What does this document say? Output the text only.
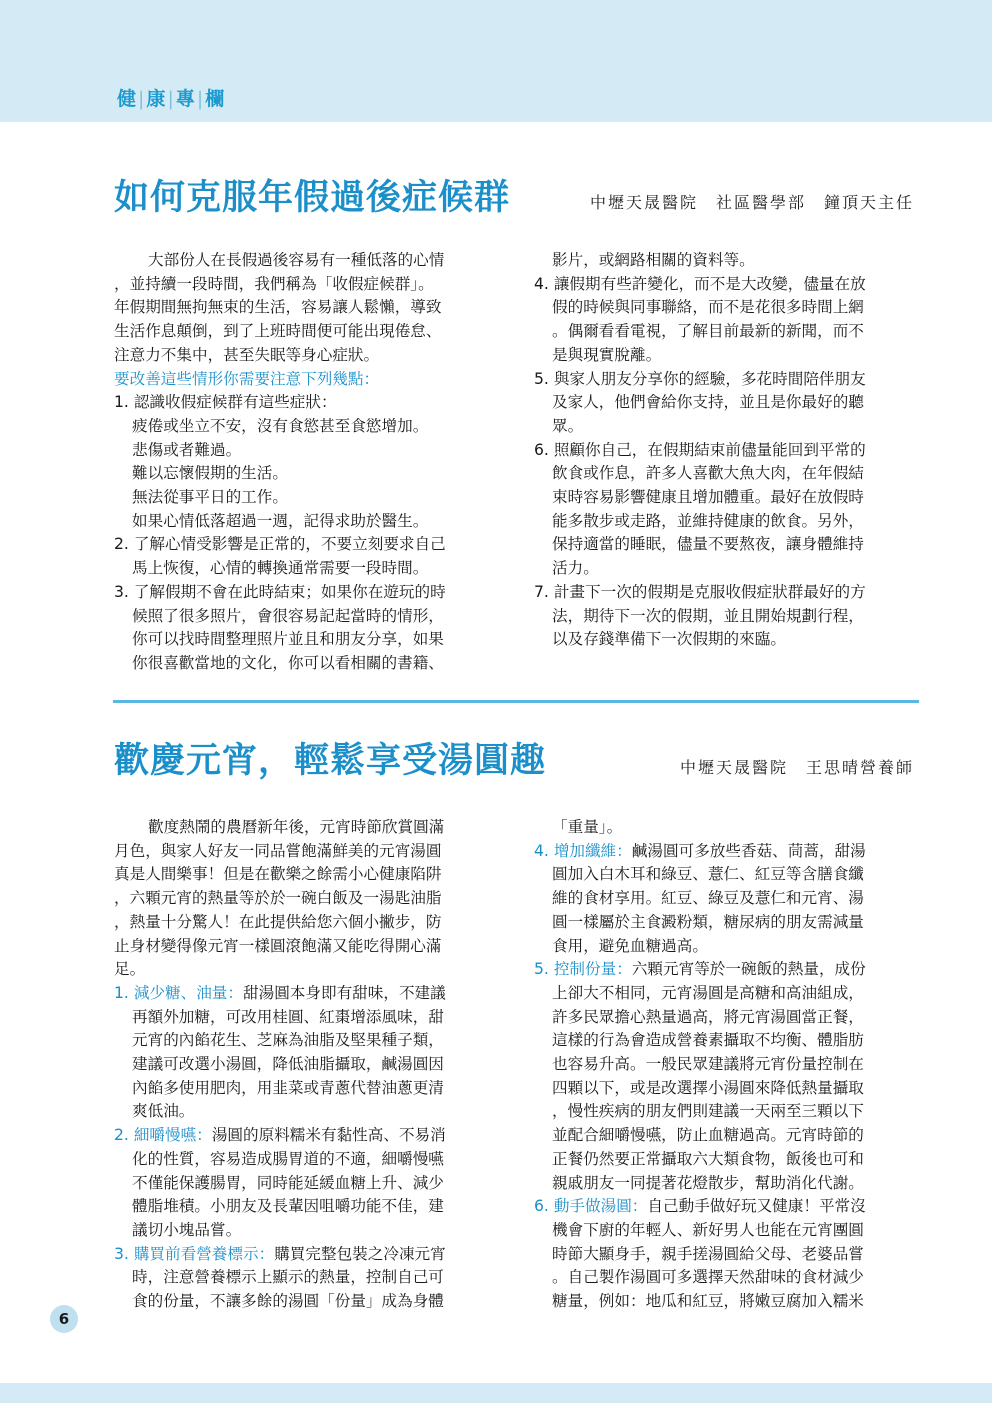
健|康|專|欄
如何克服年假過後症候群	中壢天晟醫院　社區醫學部　鐘頂天主任

大部份人在長假過後容易有一種低落的心情

，並持續一段時間，我們稱為「收假症候群」。

年假期間無拘無束的生活，容易讓人鬆懶，導致

生活作息顛倒，到了上班時間便可能出現倦怠、

注意力不集中，甚至失眠等身心症狀。

要改善這些情形你需要注意下列幾點：

1. 認識收假症候群有這些症狀：

疲倦或坐立不安，沒有食慾甚至食慾增加。

悲傷或者難過。

難以忘懷假期的生活。

無法從事平日的工作。

如果心情低落超過一週，記得求助於醫生。

2. 了解心情受影響是正常的，不要立刻要求自己

馬上恢復，心情的轉換通常需要一段時間。

3. 了解假期不會在此時結束；如果你在遊玩的時

候照了很多照片，會很容易記起當時的情形，

你可以找時間整理照片並且和朋友分享，如果

你很喜歡當地的文化，你可以看相關的書籍、

影片，或網路相關的資料等。

4. 讓假期有些許變化，而不是大改變，儘量在放

假的時候與同事聯絡，而不是花很多時間上網

。偶爾看看電視，了解目前最新的新聞，而不

是與現實脫離。

5. 與家人朋友分享你的經驗，多花時間陪伴朋友

及家人，他們會給你支持，並且是你最好的聽

眾。

6. 照顧你自己，在假期結束前儘量能回到平常的

飲食或作息，許多人喜歡大魚大肉，在年假結

束時容易影響健康且增加體重。最好在放假時

能多散步或走路，並維持健康的飲食。另外，

保持適當的睡眠，儘量不要熬夜，讓身體維持

活力。

7. 計畫下一次的假期是克服收假症狀群最好的方

法，期待下一次的假期，並且開始規劃行程，

以及存錢準備下一次假期的來臨。

歡慶元宵，輕鬆享受湯圓趣	中壢天晟醫院　王思晴營養師

歡度熱鬧的農曆新年後，元宵時節欣賞圓滿

月色，與家人好友一同品嘗飽滿鮮美的元宵湯圓

真是人間樂事！但是在歡樂之餘需小心健康陷阱

，六顆元宵的熱量等於於一碗白飯及一湯匙油脂

，熱量十分驚人！在此提供給您六個小撇步，防

止身材變得像元宵一樣圓滾飽滿又能吃得開心滿

足。

1. 減少糖、油量：甜湯圓本身即有甜味，不建議

再額外加糖，可改用桂圓、紅棗增添風味，甜

元宵的內餡花生、芝麻為油脂及堅果種子類，

建議可改選小湯圓，降低油脂攝取，鹹湯圓因

內餡多使用肥肉，用韭菜或青蔥代替油蔥更清

爽低油。

2. 細嚼慢嚥：湯圓的原料糯米有黏性高、不易消

化的性質，容易造成腸胃道的不適，細嚼慢嚥

不僅能保護腸胃，同時能延緩血糖上升、減少

體脂堆積。小朋友及長輩因咀嚼功能不佳，建

議切小塊品嘗。

3. 購買前看營養標示：購買完整包裝之冷凍元宵

時，注意營養標示上顯示的熱量，控制自己可

食的份量，不讓多餘的湯圓「份量」成為身體

「重量」。

4. 增加纖維：鹹湯圓可多放些香菇、茼蒿，甜湯

圓加入白木耳和綠豆、薏仁、紅豆等含膳食纖

維的食材享用。紅豆、綠豆及薏仁和元宵、湯

圓一樣屬於主食澱粉類，糖尿病的朋友需減量

食用，避免血糖過高。

5. 控制份量：六顆元宵等於一碗飯的熱量，成份

上卻大不相同，元宵湯圓是高糖和高油組成，

許多民眾擔心熱量過高，將元宵湯圓當正餐，

這樣的行為會造成營養素攝取不均衡、體脂肪

也容易升高。一般民眾建議將元宵份量控制在

四顆以下，或是改選擇小湯圓來降低熱量攝取

，慢性疾病的朋友們則建議一天兩至三顆以下

並配合細嚼慢嚥，防止血糖過高。元宵時節的

正餐仍然要正常攝取六大類食物，飯後也可和

親戚朋友一同提著花燈散步，幫助消化代謝。

6. 動手做湯圓：自己動手做好玩又健康！平常沒

機會下廚的年輕人、新好男人也能在元宵團圓

時節大顯身手，親手搓湯圓給父母、老婆品嘗

。自己製作湯圓可多選擇天然甜味的食材減少

糖量，例如：地瓜和紅豆，將嫩豆腐加入糯米

6
